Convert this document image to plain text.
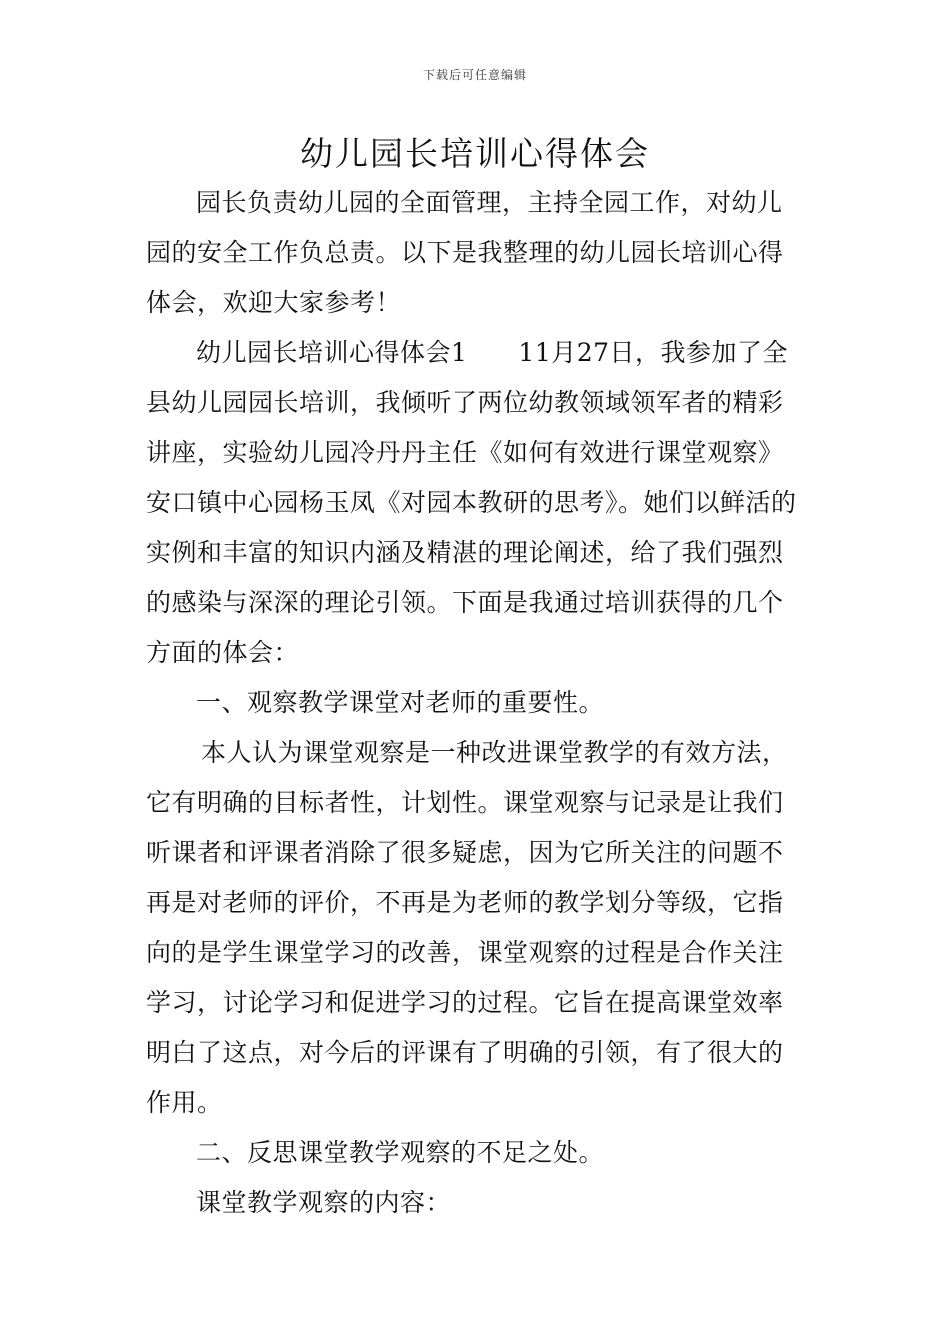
下载后可任意编辑
幼儿园长培训心得体会

园长负责幼儿园的全面管理，主持全园工作，对幼儿园的安全工作负总责。以下是我整理的幼儿园长培训心得体会，欢迎大家参考！

幼儿园长培训心得体会1　　11月27日，我参加了全县幼儿园园长培训，我倾听了两位幼教领域领军者的精彩讲座，实验幼儿园冷丹丹主任《如何有效进行课堂观察》安口镇中心园杨玉凤《对园本教研的思考》。她们以鲜活的实例和丰富的知识内涵及精湛的理论阐述，给了我们强烈的感染与深深的理论引领。下面是我通过培训获得的几个方面的体会：

一、观察教学课堂对老师的重要性。

本人认为课堂观察是一种改进课堂教学的有效方法，它有明确的目标者性，计划性。课堂观察与记录是让我们听课者和评课者消除了很多疑虑，因为它所关注的问题不再是对老师的评价，不再是为老师的教学划分等级，它指向的是学生课堂学习的改善，课堂观察的过程是合作关注学习，讨论学习和促进学习的过程。它旨在提高课堂效率明白了这点，对今后的评课有了明确的引领，有了很大的作用。

二、反思课堂教学观察的不足之处。

课堂教学观察的内容：
